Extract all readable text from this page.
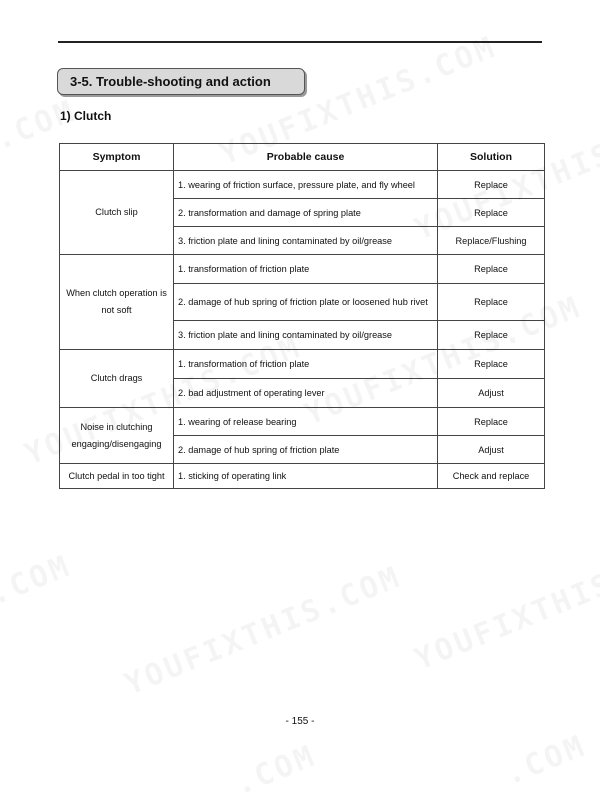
3-5. Trouble-shooting and action
1) Clutch
Symptom	Probable cause	Solution
Clutch slip	1. wearing of friction surface, pressure plate, and fly wheel	Replace
	2. transformation and damage of spring plate	Replace
	3. friction plate and lining contaminated by oil/grease	Replace/Flushing
When clutch operation is not soft	1. transformation of friction plate	Replace
	2. damage of hub spring of friction plate or loosened hub rivet	Replace
	3. friction plate and lining contaminated by oil/grease	Replace
Clutch drags	1. transformation of friction plate	Replace
	2. bad adjustment of operating lever	Adjust
Noise in clutching engaging/disengaging	1. wearing of release bearing	Replace
	2. damage of hub spring of friction plate	Adjust
Clutch pedal in too tight	1. sticking of operating link	Check and replace
- 155 -
